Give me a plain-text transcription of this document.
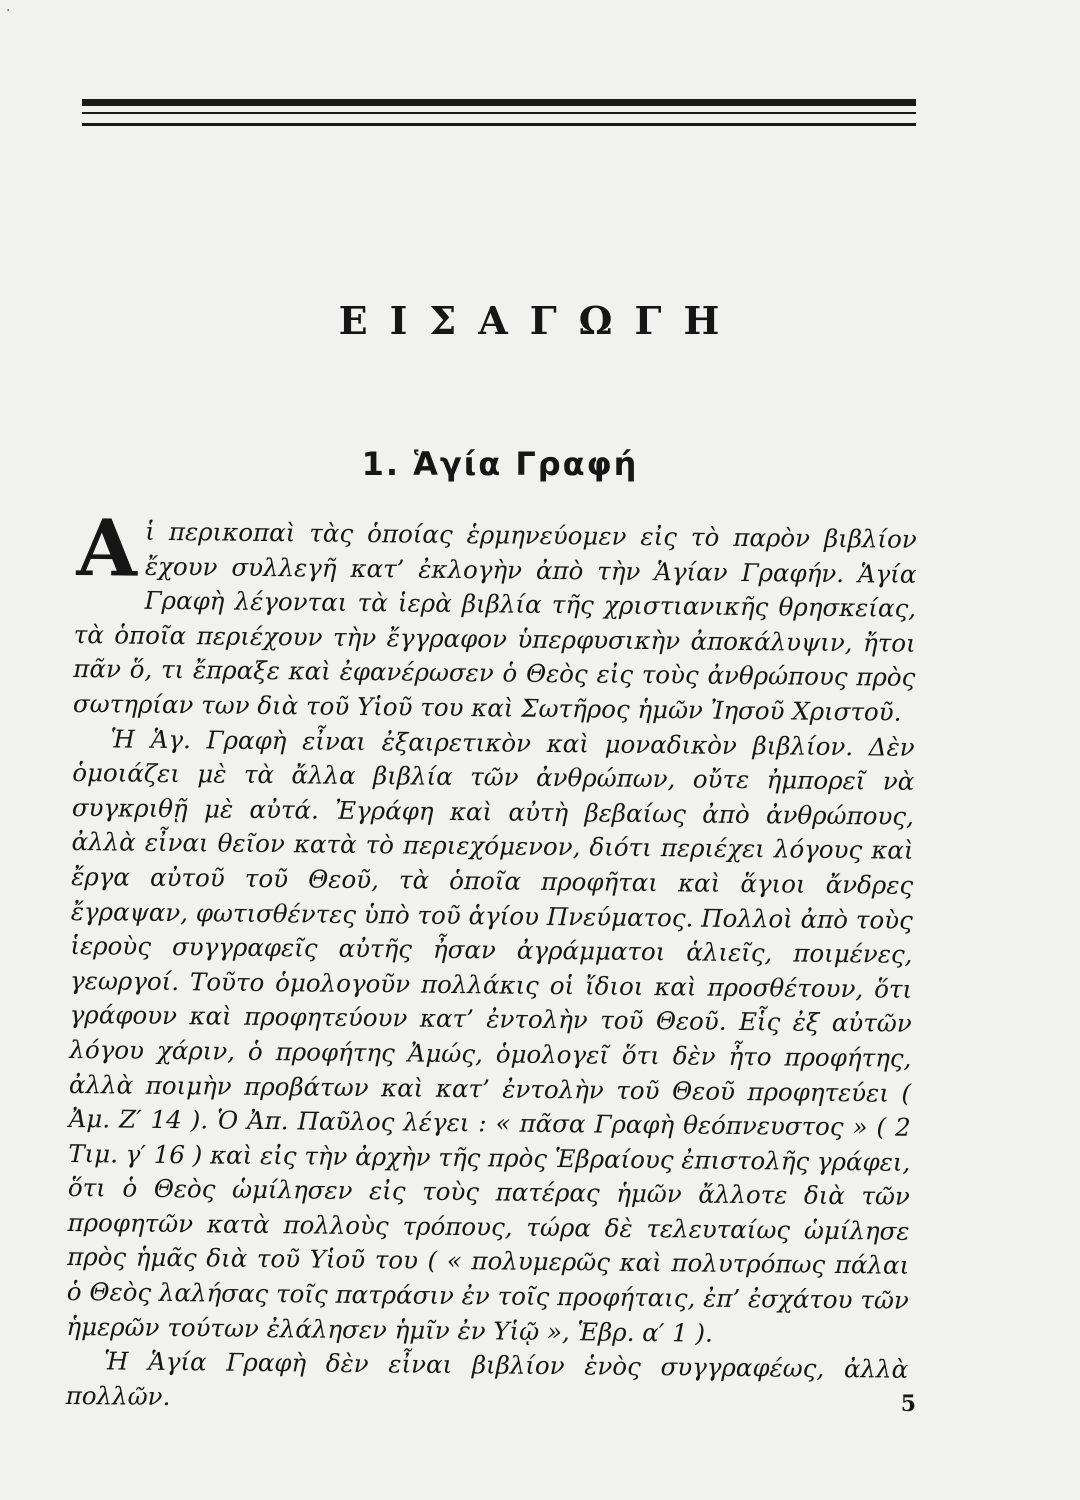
·
ΕΙΣΑΓΩΓΗ
1. Ἁγία Γραφή

Αἱ περικοπαὶ τὰς ὁποίας ἑρμηνεύομεν εἰς τὸ παρὸν βιβλίον ἔχουν συλλεγῆ κατ’ ἐκλογὴν ἀπὸ τὴν Ἁγίαν Γραφήν. Ἁγία Γραφὴ λέγονται τὰ ἱερὰ βιβλία τῆς χριστιανικῆς θρησκείας, τὰ ὁποῖα περιέχουν τὴν ἔγγραφον ὑπερφυσικὴν ἀποκάλυψιν, ἤτοι πᾶν ὅ, τι ἔπραξε καὶ ἐφανέρωσεν ὁ Θεὸς εἰς τοὺς ἀνθρώπους πρὸς σωτηρίαν των διὰ τοῦ Υἱοῦ του καὶ Σωτῆρος ἡμῶν Ἰησοῦ Χριστοῦ.

Ἡ Ἁγ. Γραφὴ εἶναι ἐξαιρετικὸν καὶ μοναδικὸν βιβλίον. Δὲν ὁμοιάζει μὲ τὰ ἄλλα βιβλία τῶν ἀνθρώπων, οὔτε ἠμπορεῖ νὰ συγκριθῇ μὲ αὐτά. Ἐγράφη καὶ αὐτὴ βεβαίως ἀπὸ ἀνθρώπους, ἀλλὰ εἶναι θεῖον κατὰ τὸ περιεχόμενον, διότι περιέχει λόγους καὶ ἔργα αὐτοῦ τοῦ Θεοῦ, τὰ ὁποῖα προφῆται καὶ ἅγιοι ἄνδρες ἔγραψαν, φωτισθέντες ὑπὸ τοῦ ἁγίου Πνεύματος. Πολλοὶ ἀπὸ τοὺς ἱεροὺς συγγραφεῖς αὐτῆς ἦσαν ἀγράμματοι ἁλιεῖς, ποιμένες, γεωργοί. Τοῦτο ὁμολογοῦν πολλάκις οἱ ἴδιοι καὶ προσθέτουν, ὅτι γράφουν καὶ προφητεύουν κατ’ ἐντολὴν τοῦ Θεοῦ. Εἷς ἐξ αὐτῶν λόγου χάριν, ὁ προφήτης Ἀμώς, ὁμολογεῖ ὅτι δὲν ἦτο προφήτης, ἀλλὰ ποιμὴν προβάτων καὶ κατ’ ἐντολὴν τοῦ Θεοῦ προφητεύει ( Ἀμ. Ζ′ 14 ). Ὁ Ἀπ. Παῦλος λέγει : « πᾶσα Γραφὴ θεόπνευστος » ( 2 Τιμ. γ′ 16 ) καὶ εἰς τὴν ἀρχὴν τῆς πρὸς Ἑβραίους ἐπιστολῆς γράφει, ὅτι ὁ Θεὸς ὡμίλησεν εἰς τοὺς πατέρας ἡμῶν ἄλλοτε διὰ τῶν προφητῶν κατὰ πολλοὺς τρόπους, τώρα δὲ τελευταίως ὡμίλησε πρὸς ἡμᾶς διὰ τοῦ Υἱοῦ του ( « πολυμερῶς καὶ πολυτρόπως πάλαι ὁ Θεὸς λαλήσας τοῖς πατράσιν ἐν τοῖς προφήταις, ἐπ’ ἐσχάτου τῶν ἡμερῶν τούτων ἐλάλησεν ἡμῖν ἐν Υἱῷ », Ἑβρ. α′ 1 ).

Ἡ Ἁγία Γραφὴ δὲν εἶναι βιβλίον ἑνὸς συγγραφέως, ἀλλὰ πολλῶν.	5
